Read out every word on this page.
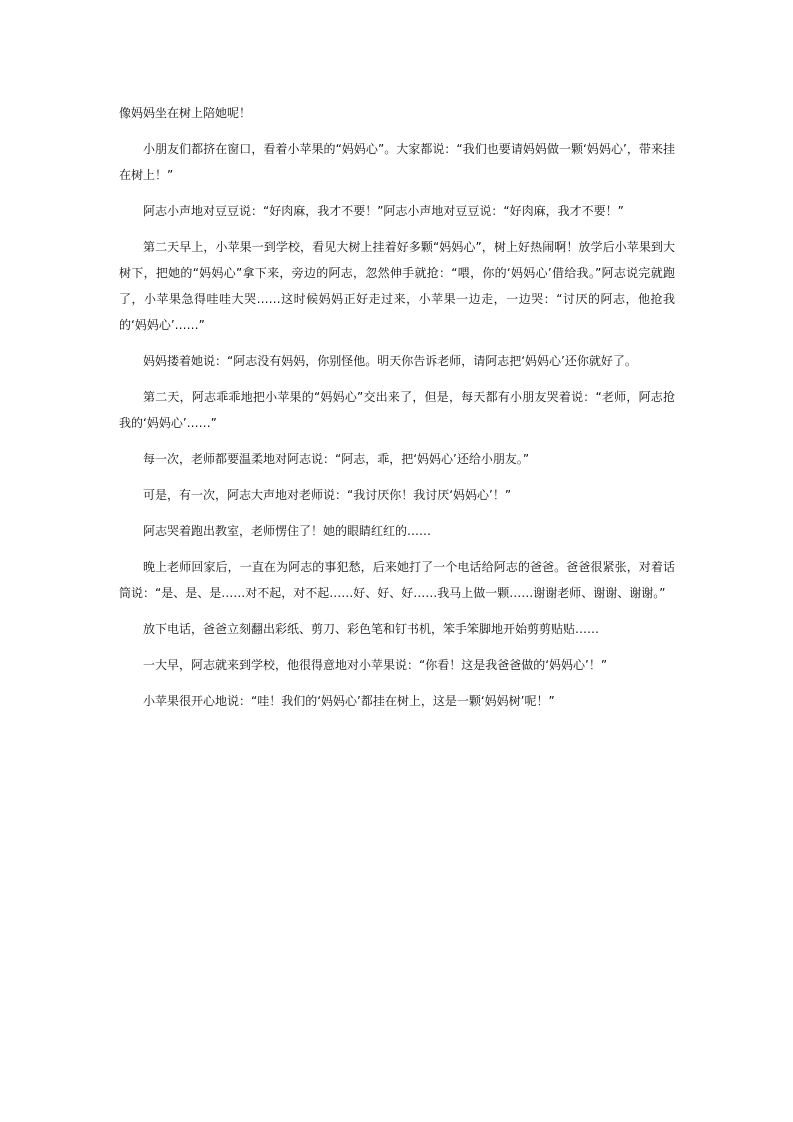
像妈妈坐在树上陪她呢！

小朋友们都挤在窗口，看着小苹果的“妈妈心”。大家都说：“我们也要请妈妈做一颗‘妈妈心’，带来挂在树上！”

阿志小声地对豆豆说：“好肉麻，我才不要！”阿志小声地对豆豆说：“好肉麻，我才不要！”

第二天早上，小苹果一到学校，看见大树上挂着好多颗“妈妈心”，树上好热闹啊！放学后小苹果到大树下，把她的“妈妈心”拿下来，旁边的阿志，忽然伸手就抢：“喂，你的‘妈妈心’借给我。”阿志说完就跑了，小苹果急得哇哇大哭……这时候妈妈正好走过来，小苹果一边走，一边哭：“讨厌的阿志，他抢我的‘妈妈心’……”

妈妈搂着她说：“阿志没有妈妈，你别怪他。明天你告诉老师，请阿志把‘妈妈心’还你就好了。

第二天，阿志乖乖地把小苹果的“妈妈心”交出来了，但是，每天都有小朋友哭着说：“老师，阿志抢我的‘妈妈心’……”

每一次，老师都要温柔地对阿志说：“阿志，乖，把‘妈妈心’还给小朋友。”

可是，有一次，阿志大声地对老师说：“我讨厌你！我讨厌‘妈妈心’！”

阿志哭着跑出教室，老师愣住了！她的眼睛红红的……

晚上老师回家后，一直在为阿志的事犯愁，后来她打了一个电话给阿志的爸爸。爸爸很紧张，对着话筒说：“是、是、是……对不起，对不起……好、好、好……我马上做一颗……谢谢老师、谢谢、谢谢。”

放下电话，爸爸立刻翻出彩纸、剪刀、彩色笔和钉书机，笨手笨脚地开始剪剪贴贴……

一大早，阿志就来到学校，他很得意地对小苹果说：“你看！这是我爸爸做的‘妈妈心’！”

小苹果很开心地说：“哇！我们的‘妈妈心’都挂在树上，这是一颗‘妈妈树’呢！”
